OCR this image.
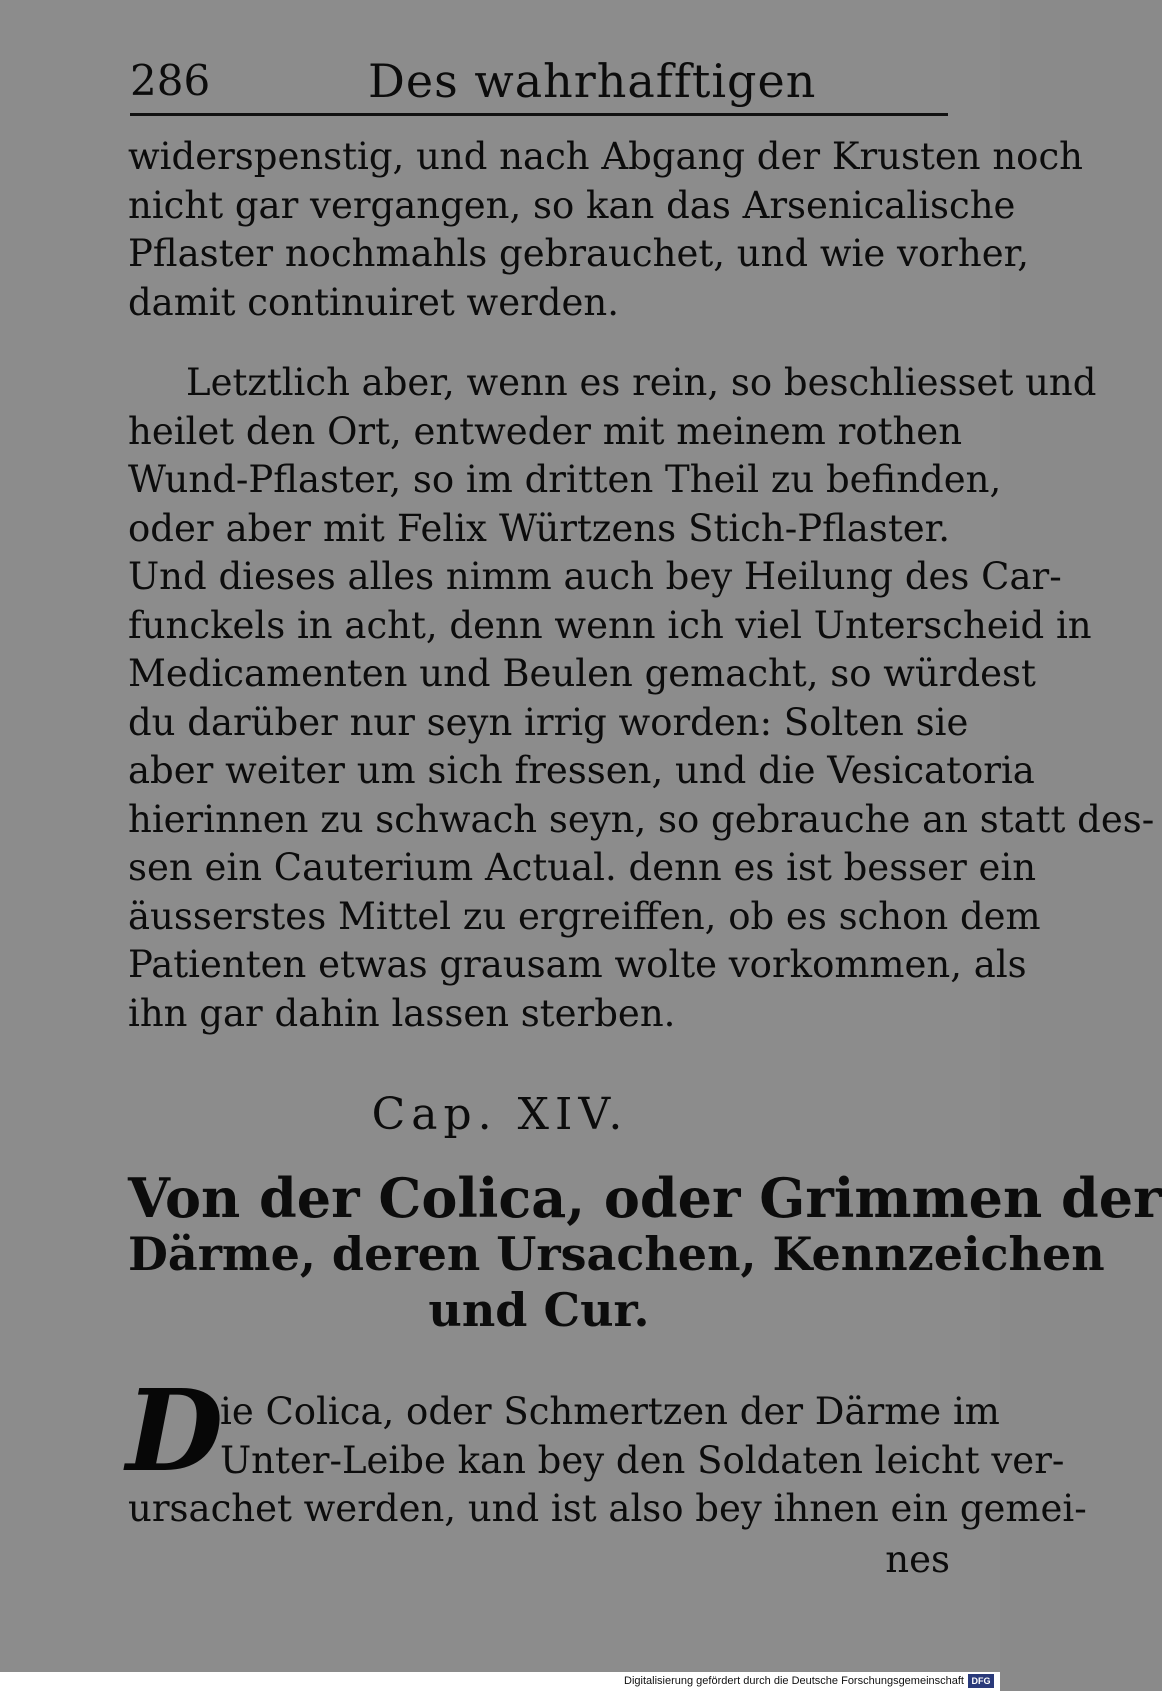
286	Des wahrhafftigen
widerspenstig, und nach Abgang der Krusten noch
nicht gar vergangen, so kan das Arsenicalische
Pflaster nochmahls gebrauchet, und wie vorher,
damit continuiret werden.
Letztlich aber, wenn es rein, so beschliesset und
heilet den Ort, entweder mit meinem rothen
Wund-Pflaster, so im dritten Theil zu befinden,
oder aber mit Felix Würtzens Stich-Pflaster.
Und dieses alles nimm auch bey Heilung des Car-
funckels in acht, denn wenn ich viel Unterscheid in
Medicamenten und Beulen gemacht, so würdest
du darüber nur seyn irrig worden: Solten sie
aber weiter um sich fressen, und die Vesicatoria
hierinnen zu schwach seyn, so gebrauche an statt des-
sen ein Cauterium Actual. denn es ist besser ein
äusserstes Mittel zu ergreiffen, ob es schon dem
Patienten etwas grausam wolte vorkommen, als
ihn gar dahin lassen sterben.
Cap. XIV.
Von der Colica, oder Grimmen der
Därme, deren Ursachen, Kennzeichen
und Cur.
D
ie Colica, oder Schmertzen der Därme im
Unter-Leibe kan bey den Soldaten leicht ver-
ursachet werden, und ist also bey ihnen ein gemei-
nes
Digitalisierung gefördert durch die Deutsche Forschungsgemeinschaft DFG
